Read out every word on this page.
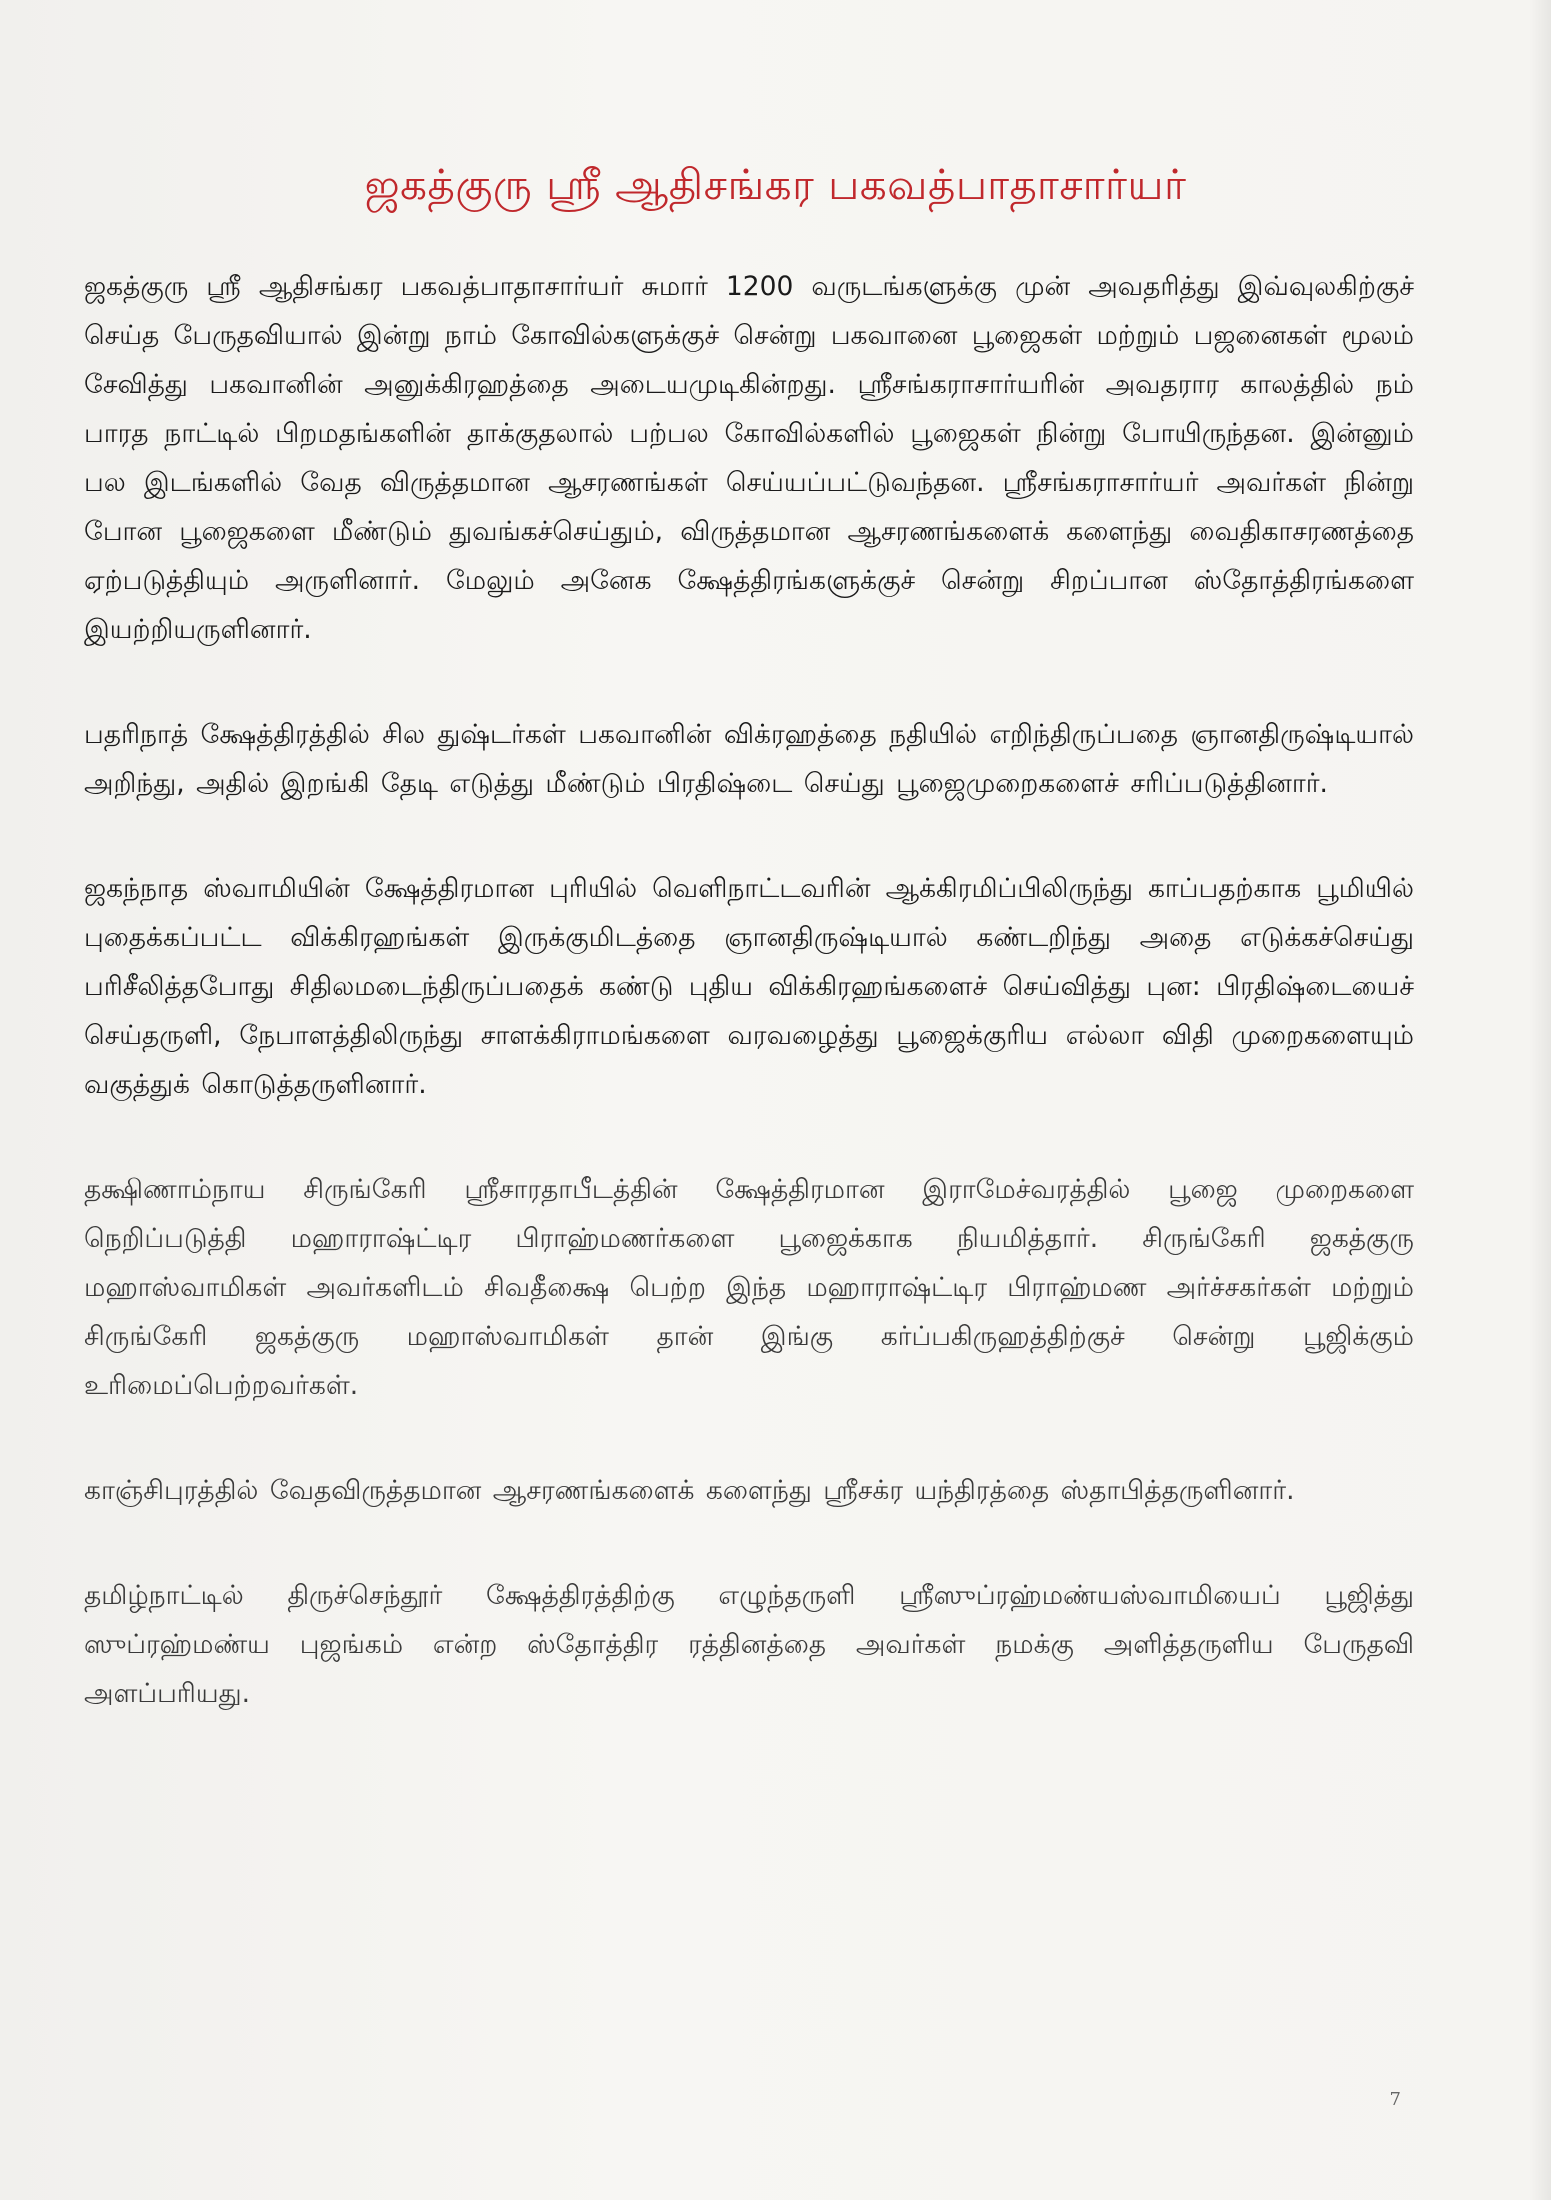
ஜகத்குரு ஸ்ரீ ஆதிசங்கர பகவத்பாதாசார்யர்

ஜகத்குரு ஸ்ரீ ஆதிசங்கர பகவத்பாதாசார்யர் சுமார் 1200 வருடங்களுக்கு முன் அவதரித்து இவ்வுலகிற்குச் செய்த பேருதவியால் இன்று நாம் கோவில்களுக்குச் சென்று பகவானை பூஜைகள் மற்றும் பஜனைகள் மூலம் சேவித்து பகவானின் அனுக்கிரஹத்தை அடையமுடிகின்றது. ஸ்ரீசங்கராசார்யரின் அவதரார காலத்தில் நம் பாரத நாட்டில் பிறமதங்களின் தாக்குதலால் பற்பல கோவில்களில் பூஜைகள் நின்று போயிருந்தன. இன்னும் பல இடங்களில் வேத விருத்தமான ஆசரணங்கள் செய்யப்பட்டுவந்தன. ஸ்ரீசங்கராசார்யர் அவர்கள் நின்று போன பூஜைகளை மீண்டும் துவங்கச்செய்தும், விருத்தமான ஆசரணங்களைக் களைந்து வைதிகாசரணத்தை ஏற்படுத்தியும் அருளினார். மேலும் அனேக க்ஷேத்திரங்களுக்குச் சென்று சிறப்பான ஸ்தோத்திரங்களை இயற்றியருளினார்.

பதரிநாத் க்ஷேத்திரத்தில் சில துஷ்டர்கள் பகவானின் விக்ரஹத்தை நதியில் எறிந்திருப்பதை ஞானதிருஷ்டியால் அறிந்து, அதில் இறங்கி தேடி எடுத்து மீண்டும் பிரதிஷ்டை செய்து பூஜைமுறைகளைச் சரிப்படுத்தினார்.

ஜகந்நாத ஸ்வாமியின் க்ஷேத்திரமான புரியில் வெளிநாட்டவரின் ஆக்கிரமிப்பிலிருந்து காப்பதற்காக பூமியில் புதைக்கப்பட்ட விக்கிரஹங்கள் இருக்குமிடத்தை ஞானதிருஷ்டியால் கண்டறிந்து அதை எடுக்கச்செய்து பரிசீலித்தபோது சிதிலமடைந்திருப்பதைக் கண்டு புதிய விக்கிரஹங்களைச் செய்வித்து புன: பிரதிஷ்டையைச் செய்தருளி, நேபாளத்திலிருந்து சாளக்கிராமங்களை வரவழைத்து பூஜைக்குரிய எல்லா விதி முறைகளையும் வகுத்துக் கொடுத்தருளினார்.

தக்ஷிணாம்நாய சிருங்கேரி ஸ்ரீசாரதாபீடத்தின் க்ஷேத்திரமான இராமேச்வரத்தில் பூஜை முறைகளை நெறிப்படுத்தி மஹாராஷ்ட்டிர பிராஹ்மணர்களை பூஜைக்காக நியமித்தார். சிருங்கேரி ஜகத்குரு மஹாஸ்வாமிகள் அவர்களிடம் சிவதீக்ஷை பெற்ற இந்த மஹாராஷ்ட்டிர பிராஹ்மண அர்ச்சகர்கள் மற்றும் சிருங்கேரி ஜகத்குரு மஹாஸ்வாமிகள் தான் இங்கு கர்ப்பகிருஹத்திற்குச் சென்று பூஜிக்கும் உரிமைப்பெற்றவர்கள்.

காஞ்சிபுரத்தில் வேதவிருத்தமான ஆசரணங்களைக் களைந்து ஸ்ரீசக்ர யந்திரத்தை ஸ்தாபித்தருளினார்.

தமிழ்நாட்டில் திருச்செந்தூர் க்ஷேத்திரத்திற்கு எழுந்தருளி ஸ்ரீஸுப்ரஹ்மண்யஸ்வாமியைப் பூஜித்து ஸுப்ரஹ்மண்ய புஜங்கம் என்ற ஸ்தோத்திர ரத்தினத்தை அவர்கள் நமக்கு அளித்தருளிய பேருதவி அளப்பரியது.

7
